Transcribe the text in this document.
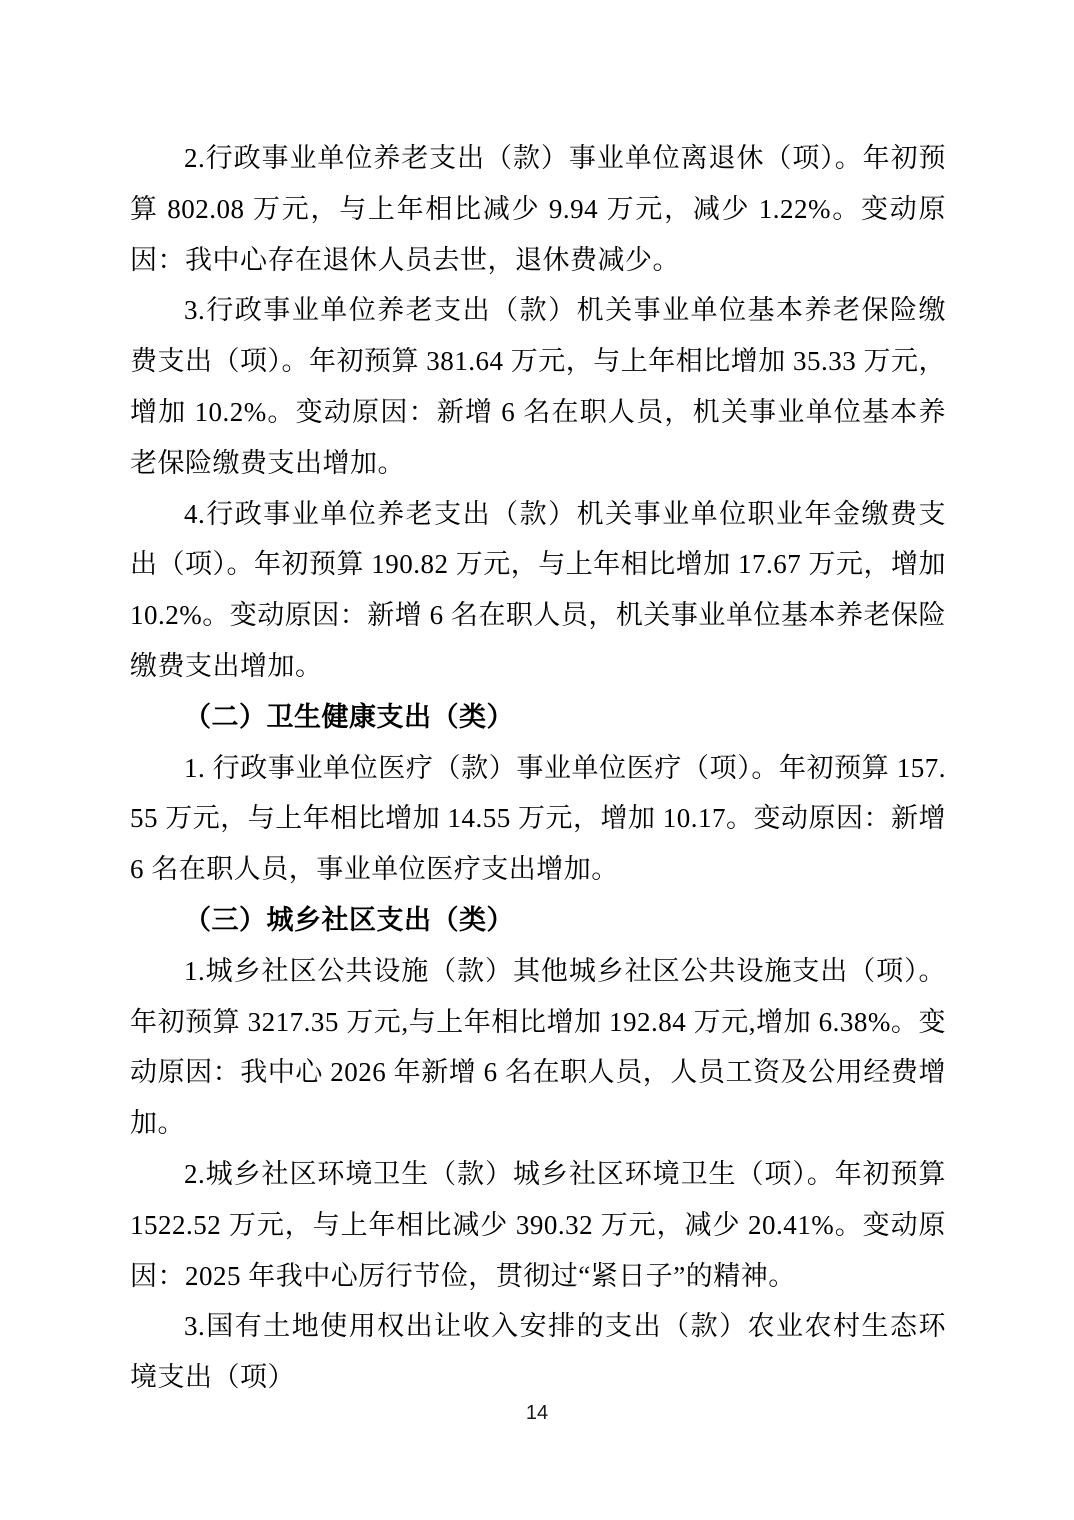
2.行政事业单位养老支出（款）事业单位离退休（项）。年初预算 802.08 万元，与上年相比减少 9.94 万元，减少 1.22%。变动原因：我中心存在退休人员去世，退休费减少。

3.行政事业单位养老支出（款）机关事业单位基本养老保险缴费支出（项）。年初预算 381.64 万元，与上年相比增加 35.33 万元，增加 10.2%。变动原因：新增 6 名在职人员，机关事业单位基本养老保险缴费支出增加。

4.行政事业单位养老支出（款）机关事业单位职业年金缴费支出（项）。年初预算 190.82 万元，与上年相比增加 17.67 万元，增加 10.2%。变动原因：新增 6 名在职人员，机关事业单位基本养老保险缴费支出增加。

（二）卫生健康支出（类）

1. 行政事业单位医疗（款）事业单位医疗（项）。年初预算 157.55 万元，与上年相比增加 14.55 万元，增加 10.17。变动原因：新增 6 名在职人员，事业单位医疗支出增加。

（三）城乡社区支出（类）

1.城乡社区公共设施（款）其他城乡社区公共设施支出（项）。年初预算 3217.35 万元,与上年相比增加 192.84 万元,增加 6.38%。变动原因：我中心 2026 年新增 6 名在职人员，人员工资及公用经费增加。

2.城乡社区环境卫生（款）城乡社区环境卫生（项）。年初预算 1522.52 万元，与上年相比减少 390.32 万元，减少 20.41%。变动原因：2025 年我中心厉行节俭，贯彻过“紧日子”的精神。

3.国有土地使用权出让收入安排的支出（款）农业农村生态环境支出（项）

14
